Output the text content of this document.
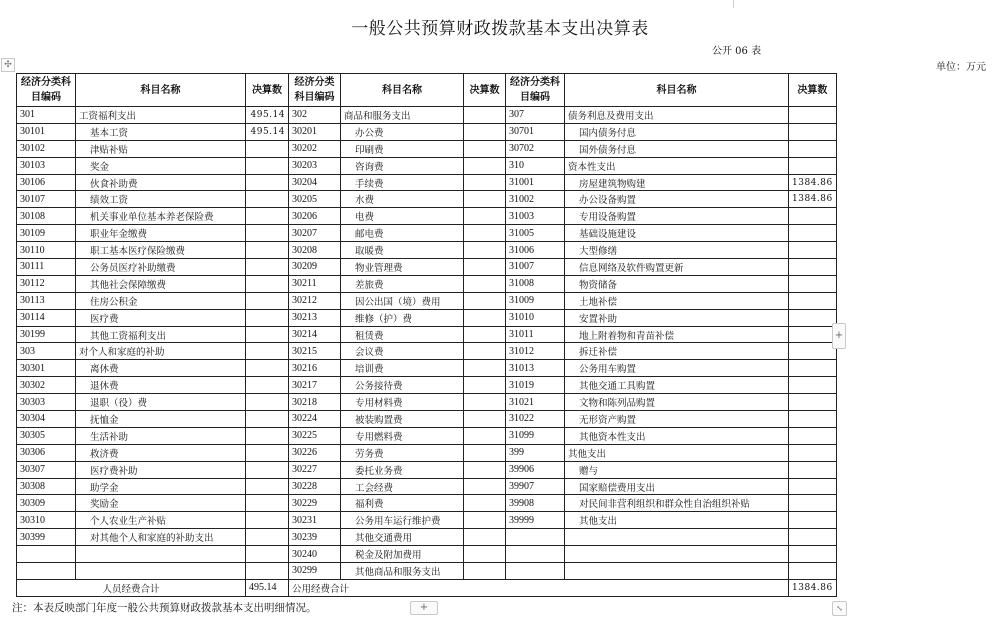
一般公共预算财政拨款基本支出决算表
公开 06 表
单位：万元
✣
经济分类科目编码	科目名称	决算数	经济分类科目编码	科目名称	决算数	经济分类科目编码	科目名称	决算数
301	工资福利支出	495.14	302	商品和服务支出		307	债务利息及费用支出	
30101	基本工资	495.14	30201	办公费		30701	国内债务付息	
30102	津贴补贴		30202	印刷费		30702	国外债务付息	
30103	奖金		30203	咨询费		310	资本性支出	
30106	伙食补助费		30204	手续费		31001	房屋建筑物购建	1384.86
30107	绩效工资		30205	水费		31002	办公设备购置	1384.86
30108	机关事业单位基本养老保险费		30206	电费		31003	专用设备购置	
30109	职业年金缴费		30207	邮电费		31005	基础设施建设	
30110	职工基本医疗保险缴费		30208	取暖费		31006	大型修缮	
30111	公务员医疗补助缴费		30209	物业管理费		31007	信息网络及软件购置更新	
30112	其他社会保障缴费		30211	差旅费		31008	物资储备	
30113	住房公积金		30212	因公出国（境）费用		31009	土地补偿	
30114	医疗费		30213	维修（护）费		31010	安置补助	
30199	其他工资福利支出		30214	租赁费		31011	地上附着物和青苗补偿	
303	对个人和家庭的补助		30215	会议费		31012	拆迁补偿	
30301	离休费		30216	培训费		31013	公务用车购置	
30302	退休费		30217	公务接待费		31019	其他交通工具购置	
30303	退职（役）费		30218	专用材料费		31021	文物和陈列品购置	
30304	抚恤金		30224	被装购置费		31022	无形资产购置	
30305	生活补助		30225	专用燃料费		31099	其他资本性支出	
30306	救济费		30226	劳务费		399	其他支出	
30307	医疗费补助		30227	委托业务费		39906	赠与	
30308	助学金		30228	工会经费		39907	国家赔偿费用支出	
30309	奖励金		30229	福利费		39908	对民间非营利组织和群众性自治组织补贴	
30310	个人农业生产补贴		30231	公务用车运行维护费		39999	其他支出	
30399	对其他个人和家庭的补助支出		30239	其他交通费用				
			30240	税金及附加费用				
			30299	其他商品和服务支出				
人员经费合计		495.14	公用经费合计					1384.86
+
注：本表反映部门年度一般公共预算财政拨款基本支出明细情况。	+	⤡
